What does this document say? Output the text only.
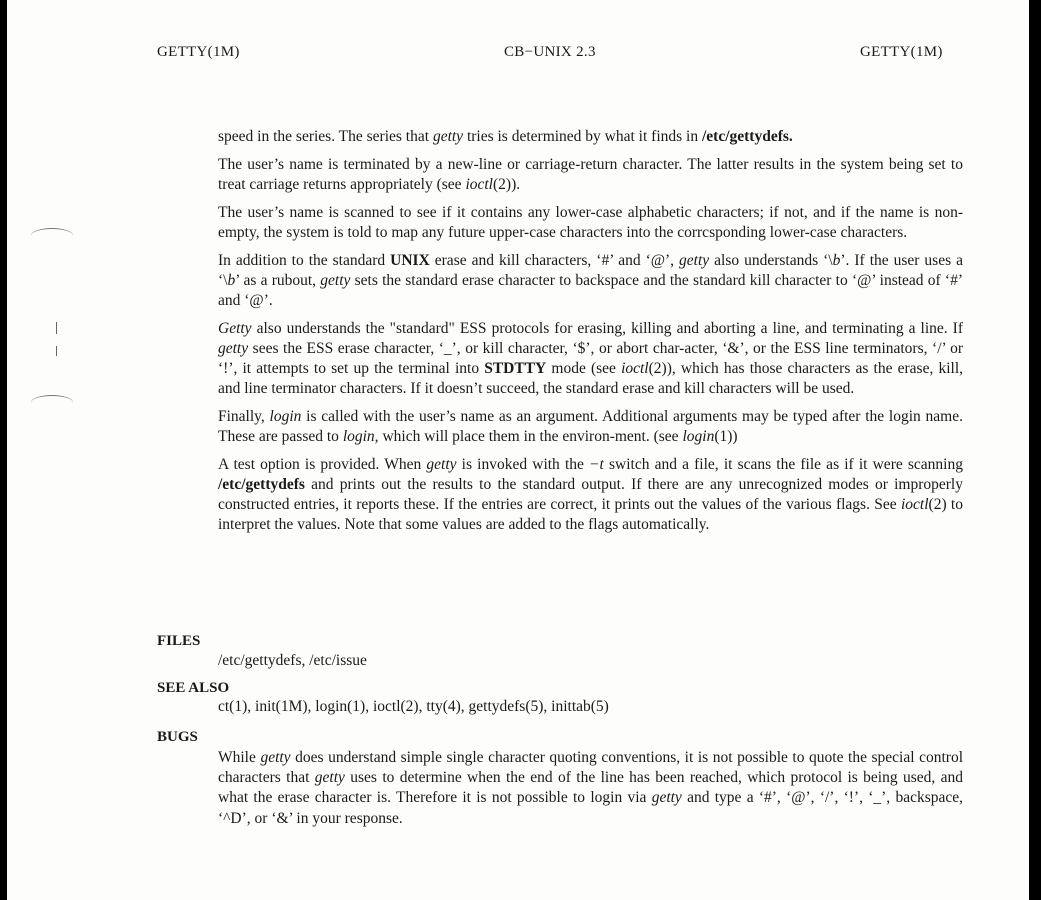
GETTY(1M)	CB−UNIX 2.3	GETTY(1M)

speed in the series. The series that getty tries is determined by what it finds in /etc/gettydefs.

The user’s name is terminated by a new-line or carriage-return character. The latter results in the system being set to treat carriage returns appropriately (see ioctl(2)).

The user’s name is scanned to see if it contains any lower-case alphabetic characters; if not, and if the name is non-empty, the system is told to map any future upper-case characters into the corrcsponding lower-case characters.

In addition to the standard UNIX erase and kill characters, ‘#’ and ‘@’, getty also understands ‘\b’. If the user uses a ‘\b’ as a rubout, getty sets the standard erase character to backspace and the standard kill character to ‘@’ instead of ‘#’ and ‘@’.

Getty also understands the "standard" ESS protocols for erasing, killing and aborting a line, and terminating a line. If getty sees the ESS erase character, ‘_’, or kill character, ‘$’, or abort char-acter, ‘&’, or the ESS line terminators, ‘/’ or ‘!’, it attempts to set up the terminal into STDTTY mode (see ioctl(2)), which has those characters as the erase, kill, and line terminator characters. If it doesn’t succeed, the standard erase and kill characters will be used.

Finally, login is called with the user’s name as an argument. Additional arguments may be typed after the login name. These are passed to login, which will place them in the environ-ment. (see login(1))

A test option is provided. When getty is invoked with the −t switch and a file, it scans the file as if it were scanning /etc/gettydefs and prints out the results to the standard output. If there are any unrecognized modes or improperly constructed entries, it reports these. If the entries are correct, it prints out the values of the various flags. See ioctl(2) to interpret the values. Note that some values are added to the flags automatically.

FILES
/etc/gettydefs, /etc/issue
SEE ALSO
ct(1), init(1M), login(1), ioctl(2), tty(4), gettydefs(5), inittab(5)
BUGS
While getty does understand simple single character quoting conventions, it is not possible to quote the special control characters that getty uses to determine when the end of the line has been reached, which protocol is being used, and what the erase character is. Therefore it is not possible to login via getty and type a ‘#’, ‘@’, ‘/’, ‘!’, ‘_’, backspace, ‘^D’, or ‘&’ in your response.
